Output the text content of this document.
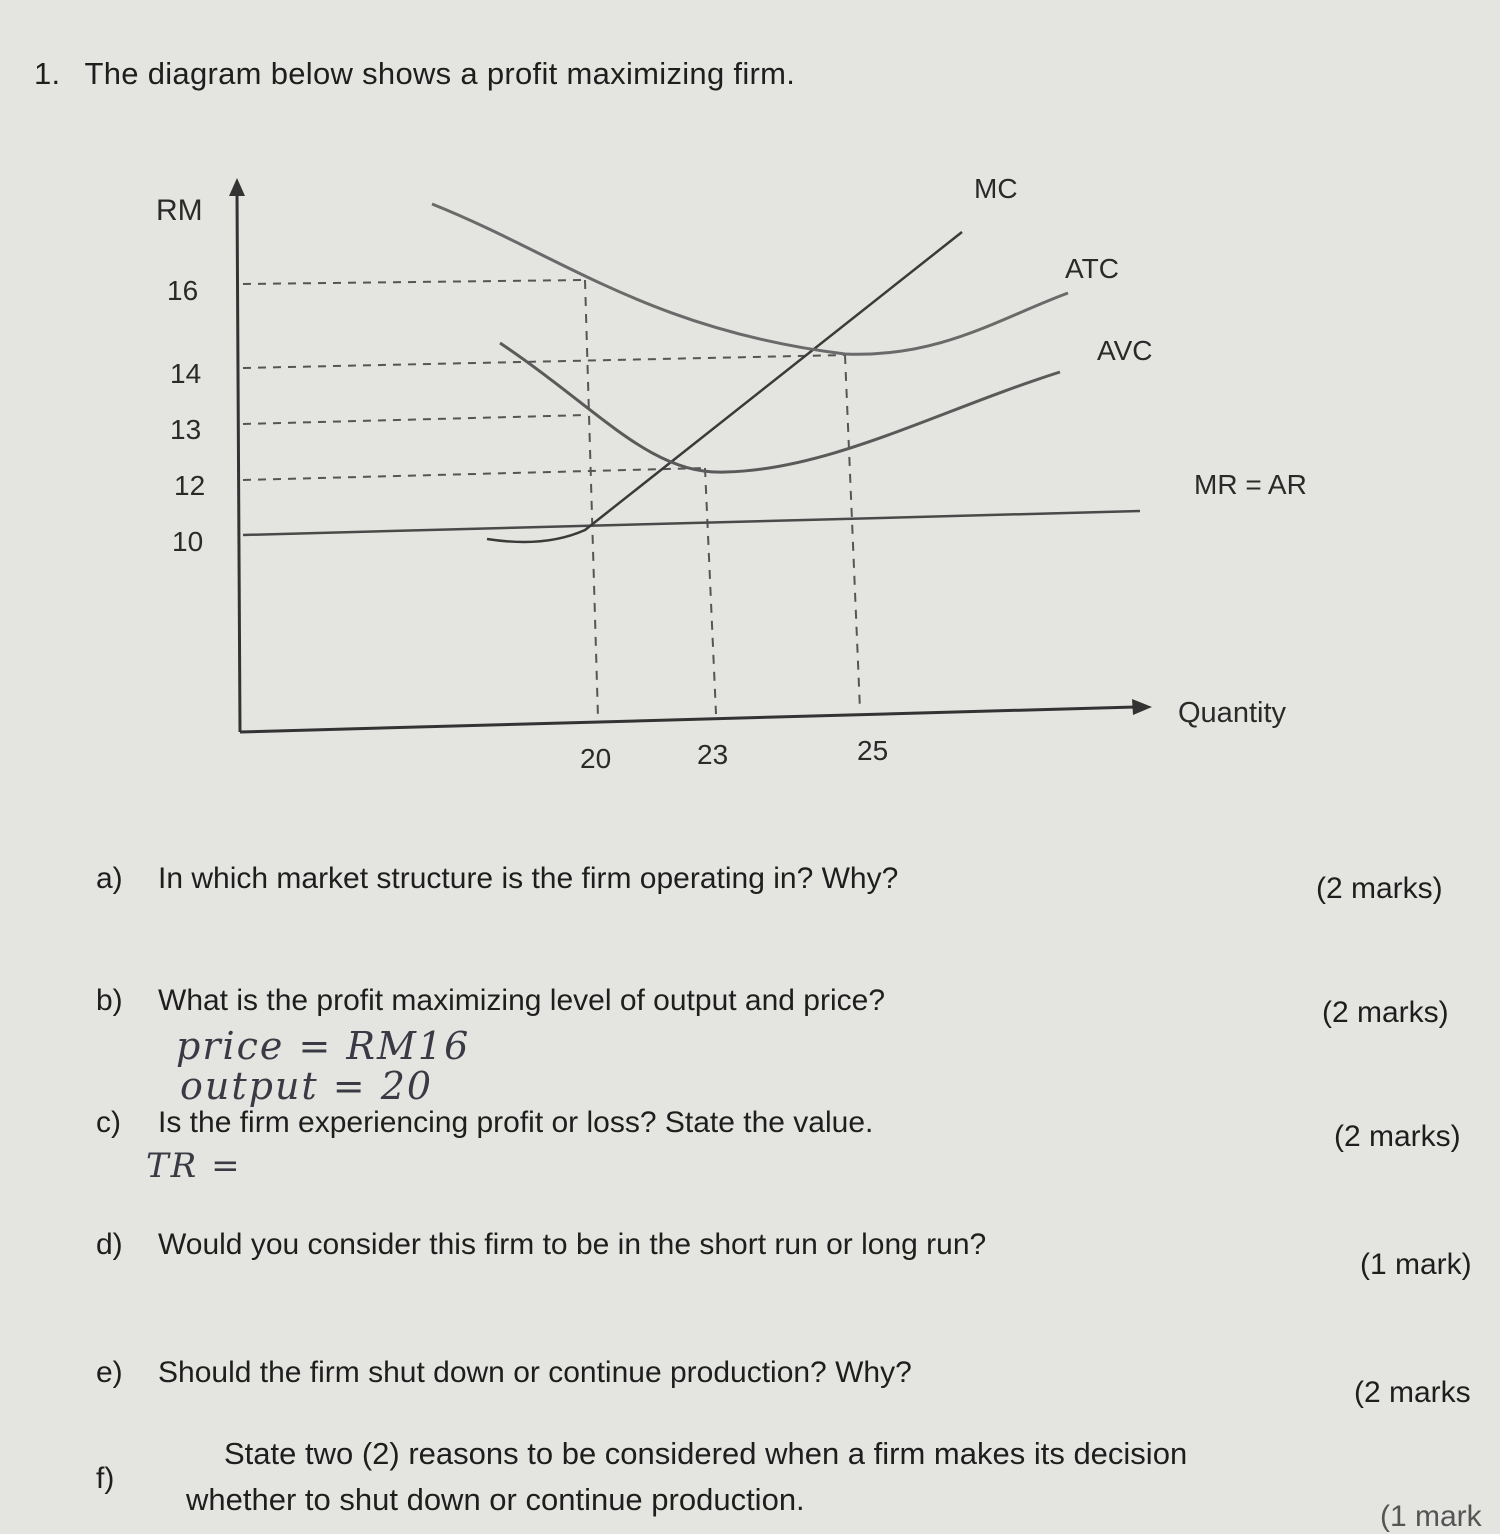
1. The diagram below shows a profit maximizing firm.
RM
Quantity
16
14
13
12
10
20	23	25
MC
ATC
AVC
MR = AR
a) In which market structure is the firm operating in? Why?	(2 marks)
b) What is the profit maximizing level of output and price?	(2 marks)
price = RM16
output = 20
c) Is the firm experiencing profit or loss? State the value.	(2 marks)
TR =
d) Would you consider this firm to be in the short run or long run?
(1 mark)
e) Should the firm shut down or continue production? Why?
(2 marks
f)
State two (2) reasons to be considered when a firm makes its decision
whether to shut down or continue production.	(1 mark
